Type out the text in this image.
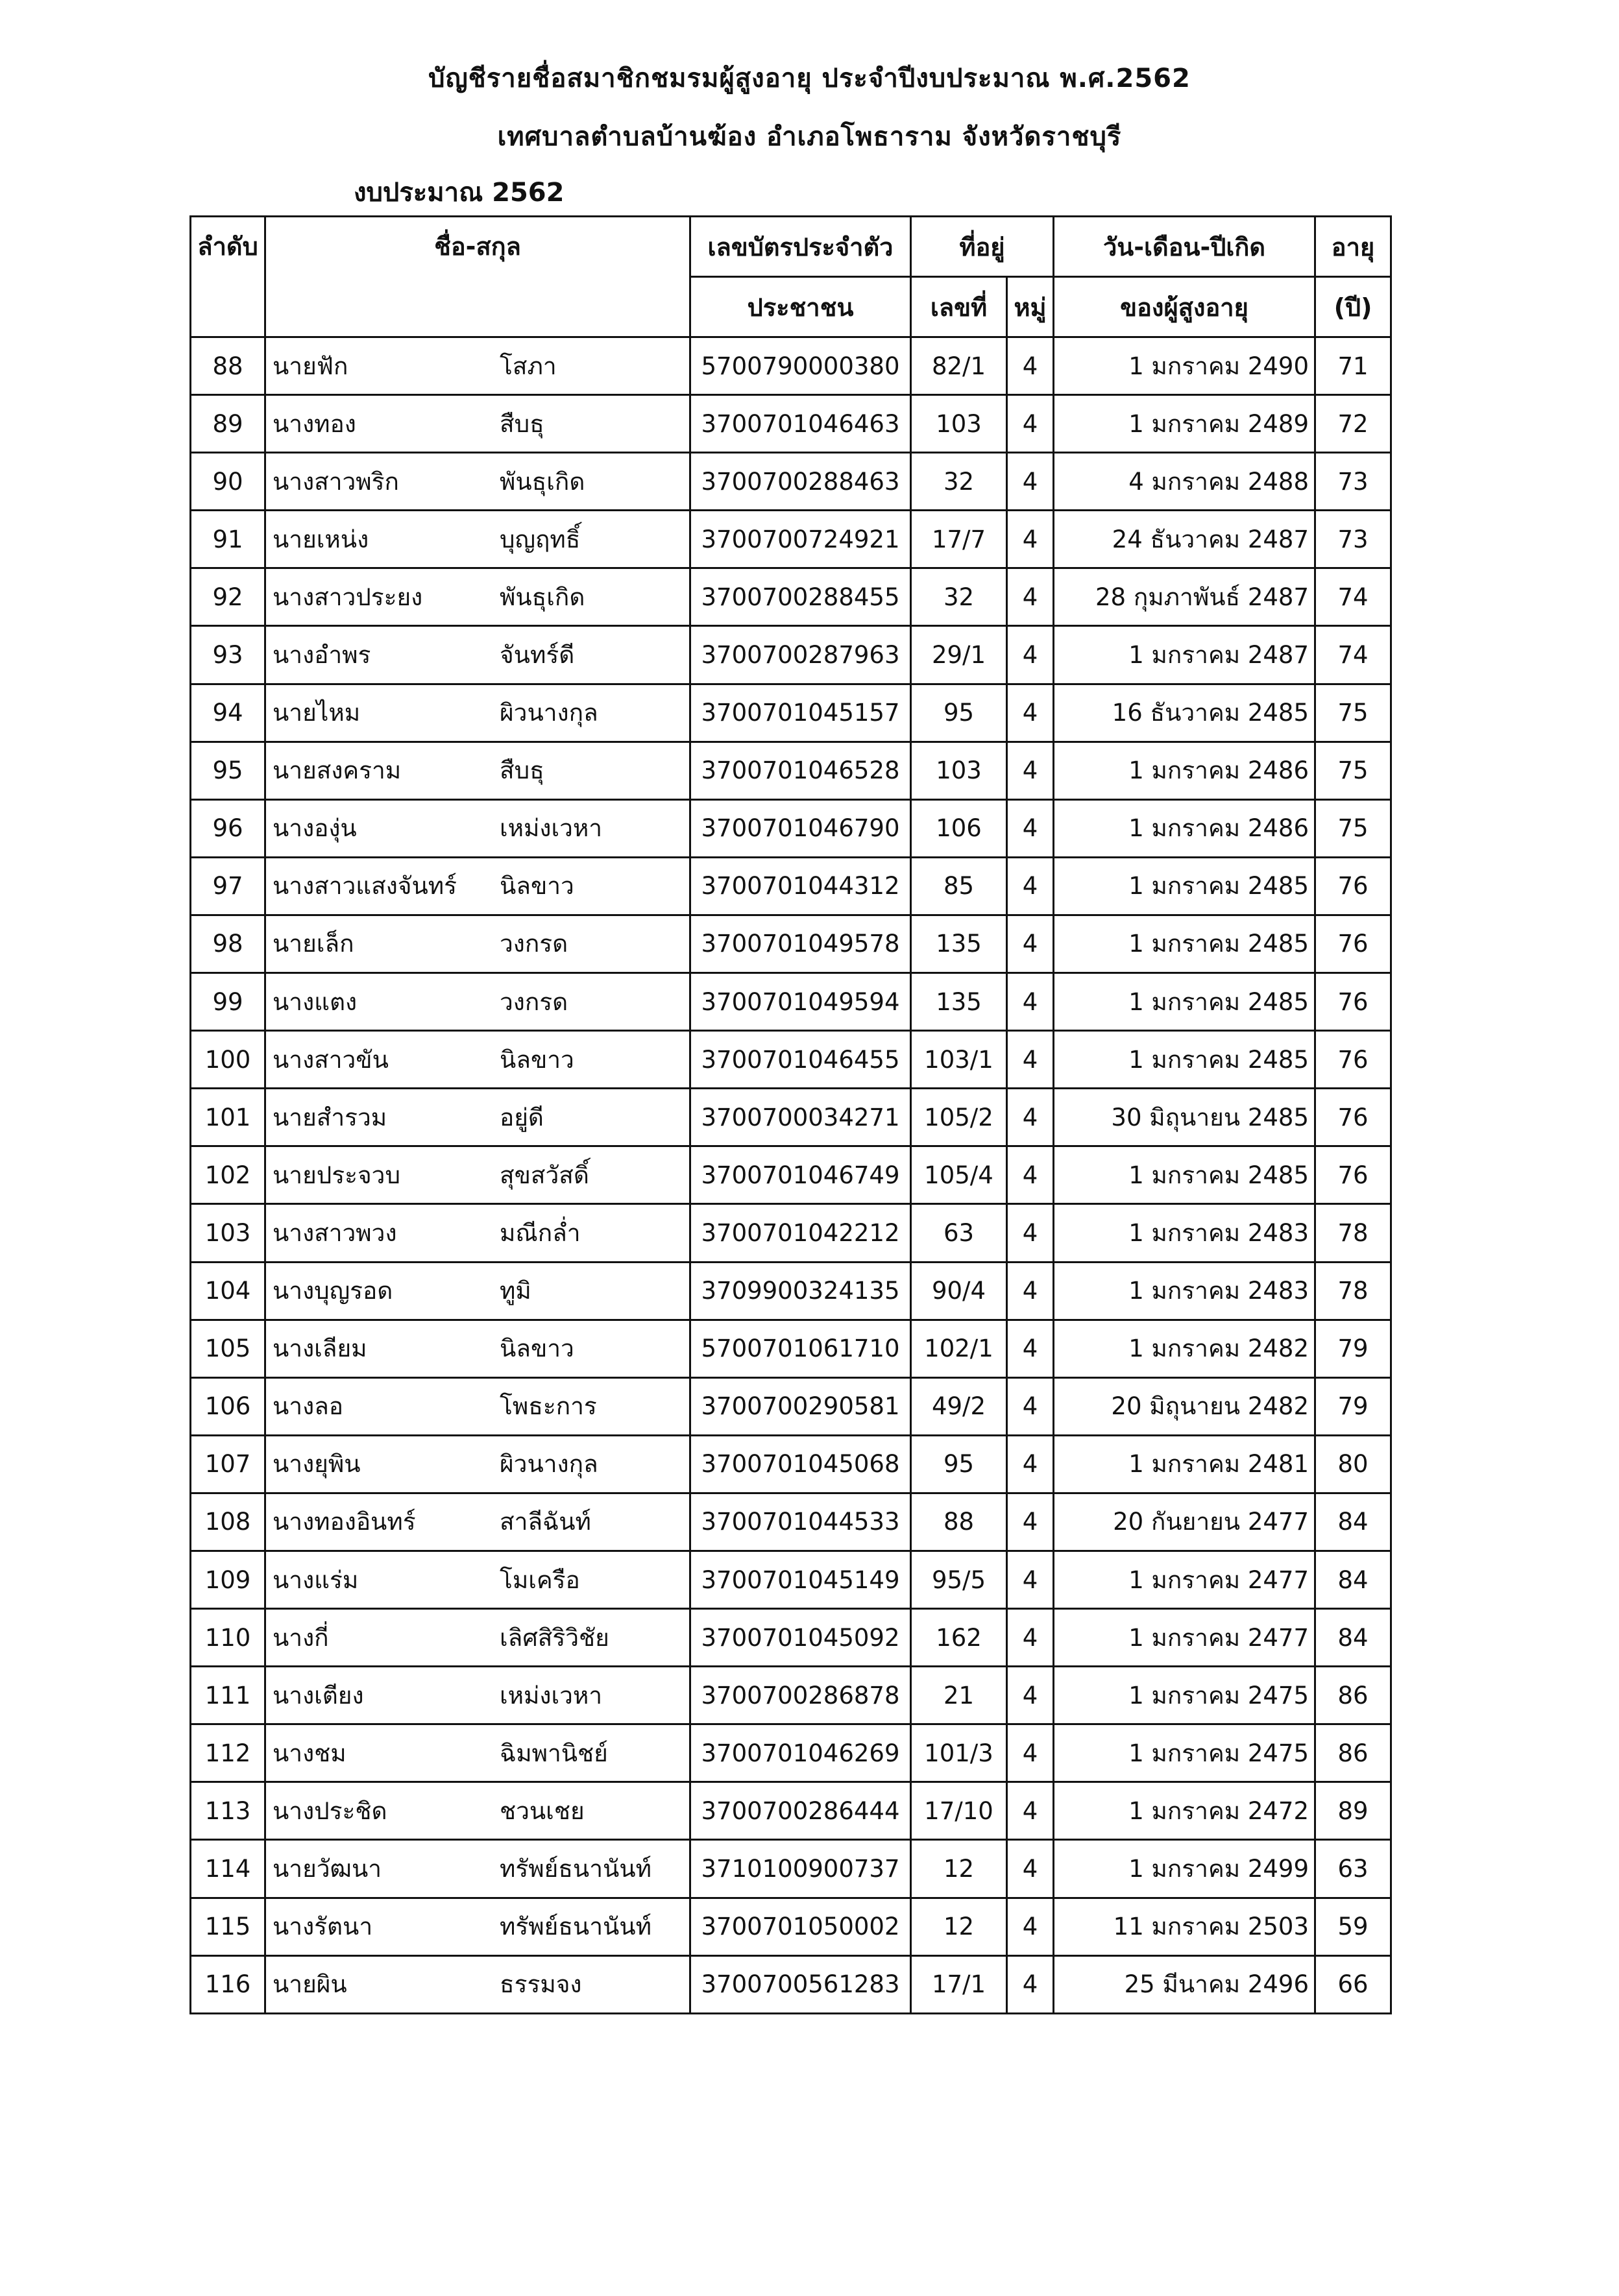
บัญชีรายชื่อสมาชิกชมรมผู้สูงอายุ ประจำปีงบประมาณ พ.ศ.2562
เทศบาลตำบลบ้านฆ้อง อำเภอโพธาราม จังหวัดราชบุรี
งบประมาณ 2562
ลำดับ	ชื่อ-สกุล	เลขบัตรประจำตัว	ที่อยู่		วัน-เดือน-ปีเกิด	อายุ
		ประชาชน	เลขที่	หมู่	ของผู้สูงอายุ	(ปี)
88	นายฟัก โสภา	5700790000380	82/1	4	1 มกราคม 2490	71
89	นางทอง สืบธุ	3700701046463	103	4	1 มกราคม 2489	72
90	นางสาวพริก พันธุเกิด	3700700288463	32	4	4 มกราคม 2488	73
91	นายเหน่ง บุญฤทธิ์	3700700724921	17/7	4	24 ธันวาคม 2487	73
92	นางสาวประยง พันธุเกิด	3700700288455	32	4	28 กุมภาพันธ์ 2487	74
93	นางอำพร จันทร์ดี	3700700287963	29/1	4	1 มกราคม 2487	74
94	นายไหม ผิวนางกุล	3700701045157	95	4	16 ธันวาคม 2485	75
95	นายสงคราม สืบธุ	3700701046528	103	4	1 มกราคม 2486	75
96	นางองุ่น เหม่งเวหา	3700701046790	106	4	1 มกราคม 2486	75
97	นางสาวแสงจันทร์ นิลขาว	3700701044312	85	4	1 มกราคม 2485	76
98	นายเล็ก วงกรด	3700701049578	135	4	1 มกราคม 2485	76
99	นางแตง วงกรด	3700701049594	135	4	1 มกราคม 2485	76
100	นางสาวขัน นิลขาว	3700701046455	103/1	4	1 มกราคม 2485	76
101	นายสำรวม อยู่ดี	3700700034271	105/2	4	30 มิถุนายน 2485	76
102	นายประจวบ สุขสวัสดิ์	3700701046749	105/4	4	1 มกราคม 2485	76
103	นางสาวพวง มณีกล่ำ	3700701042212	63	4	1 มกราคม 2483	78
104	นางบุญรอด ทูมิ	3709900324135	90/4	4	1 มกราคม 2483	78
105	นางเลียม นิลขาว	5700701061710	102/1	4	1 มกราคม 2482	79
106	นางลอ โพธะการ	3700700290581	49/2	4	20 มิถุนายน 2482	79
107	นางยุพิน ผิวนางกุล	3700701045068	95	4	1 มกราคม 2481	80
108	นางทองอินทร์ สาลีฉันท์	3700701044533	88	4	20 กันยายน 2477	84
109	นางแร่ม โมเครือ	3700701045149	95/5	4	1 มกราคม 2477	84
110	นางกี่ เลิศสิริวิชัย	3700701045092	162	4	1 มกราคม 2477	84
111	นางเตียง เหม่งเวหา	3700700286878	21	4	1 มกราคม 2475	86
112	นางชม ฉิมพานิชย์	3700701046269	101/3	4	1 มกราคม 2475	86
113	นางประชิด ชวนเชย	3700700286444	17/10	4	1 มกราคม 2472	89
114	นายวัฒนา ทรัพย์ธนานันท์	3710100900737	12	4	1 มกราคม 2499	63
115	นางรัตนา ทรัพย์ธนานันท์	3700701050002	12	4	11 มกราคม 2503	59
116	นายผิน ธรรมจง	3700700561283	17/1	4	25 มีนาคม 2496	66
